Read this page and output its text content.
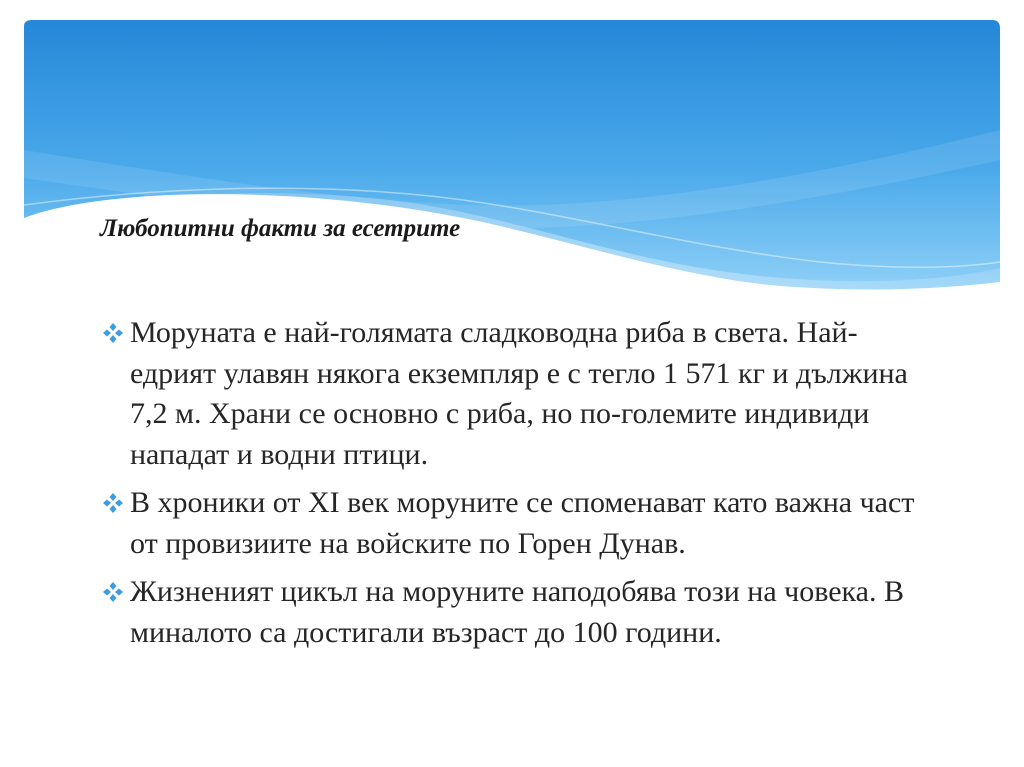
Любопитни факти за есетрите
Моруната е най-голямата сладководна риба в света. Най-едрият улавян някога екземпляр е с тегло 1 571 кг и дължина 7,2 м. Храни се основно с риба, но по-големите индивиди нападат и водни птици.
В хроники от XI век моруните се споменават като важна част от провизиите на войските по Горен Дунав.
Жизненият цикъл на моруните наподобява този на човека. В миналото са достигали възраст до 100 години.
